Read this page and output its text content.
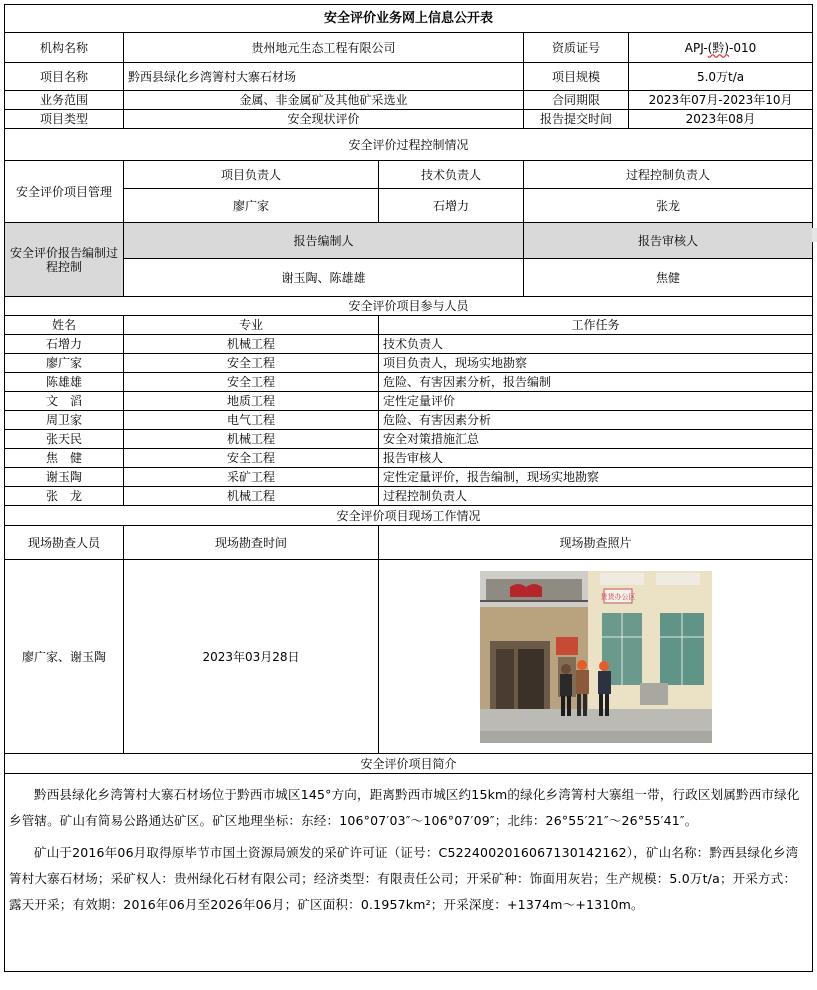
安全评价业务网上信息公开表				
机构名称	贵州地元生态工程有限公司		资质证号	APJ-(黔)-010
项目名称	黔西县绿化乡湾箐村大寨石材场		项目规模	5.0万t/a
业务范围	金属、非金属矿及其他矿采选业		合同期限	2023年07月-2023年10月
项目类型	安全现状评价		报告提交时间	2023年08月
安全评价过程控制情况				
安全评价项目管理	项目负责人	技术负责人	过程控制负责人	
	廖广家	石增力	张龙	
安全评价报告编制过程控制	报告编制人		报告审核人	
	谢玉陶、陈雄雄		焦健	
安全评价项目参与人员				
姓名	专业	工作任务		
石增力	机械工程	技术负责人		
廖广家	安全工程	项目负责人，现场实地勘察		
陈雄雄	安全工程	危险、有害因素分析，报告编制		
文　滔	地质工程	定性定量评价		
周卫家	电气工程	危险、有害因素分析		
张天民	机械工程	安全对策措施汇总		
焦　健	安全工程	报告审核人		
谢玉陶	采矿工程	定性定量评价，报告编制，现场实地勘察		
张　龙	机械工程	过程控制负责人		
安全评价项目现场工作情况				
现场勘查人员	现场勘查时间	现场勘查照片		
廖广家、谢玉陶	2023年03月28日	货货办公区		

安全评价项目简介				

黔西县绿化乡湾箐村大寨石材场位于黔西市城区145°方向，距离黔西市城区约15km的绿化乡湾箐村大寨组一带，行政区划属黔西市绿化乡管辖。矿山有简易公路通达矿区。矿区地理坐标：东经：106°07′03″～106°07′09″；北纬：26°55′21″～26°55′41″。

矿山于2016年06月取得原毕节市国土资源局颁发的采矿许可证（证号：C5224002016067130142162），矿山名称：黔西县绿化乡湾箐村大寨石材场；采矿权人：贵州绿化石材有限公司；经济类型：有限责任公司；开采矿种：饰面用灰岩；生产规模：5.0万t/a；开采方式：露天开采；有效期：2016年06月至2026年06月；矿区面积：0.1957km²；开采深度：+1374m～+1310m。				
